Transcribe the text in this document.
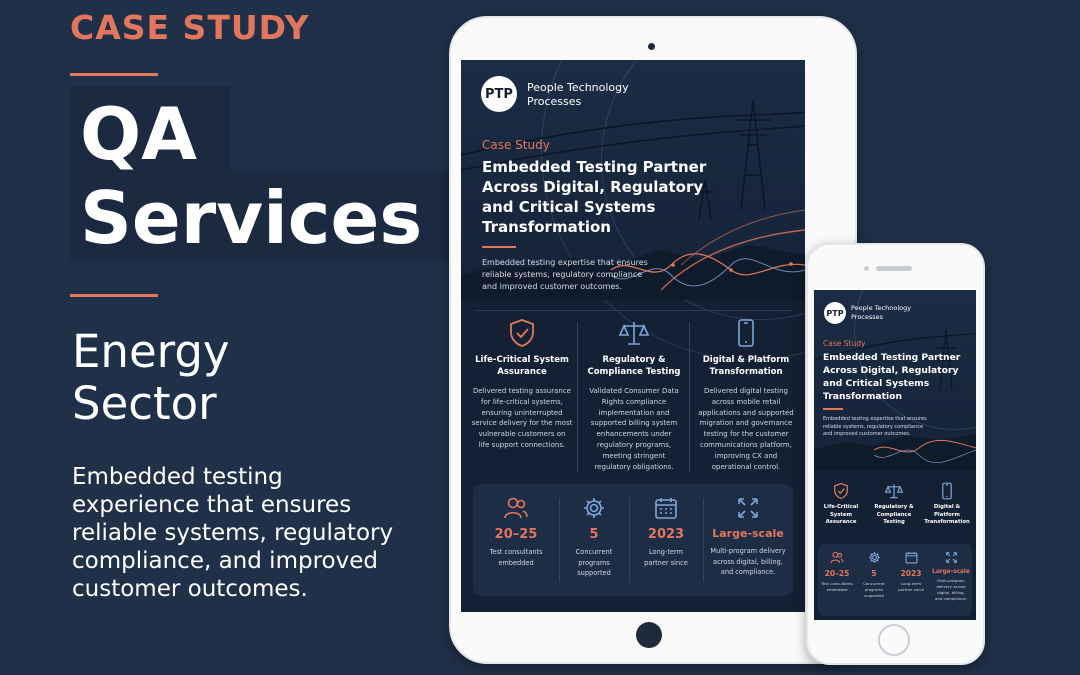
CASE STUDY
QA
Services
Energy
Sector
Embedded testing experience that ensures reliable systems, regulatory compliance, and improved customer outcomes.
PTP	People Technology
Processes
Case Study
Embedded Testing Partner
Across Digital, Regulatory
and Critical Systems
Transformation
Embedded testing expertise that ensures
reliable systems, regulatory compliance
and improved customer outcomes.
Life-Critical System
Assurance
Delivered testing assurance
for life-critical systems,
ensuring uninterrupted
service delivery for the most
vulnerable customers on
life support connections.
Regulatory &
Compliance Testing
Validated Consumer Data
Rights compliance
implementation and
supported billing system
enhancements under
regulatory programs,
meeting stringent
regulatory obligations.
Digital & Platform
Transformation
Delivered digital testing
across mobile retail
applications and supported
migration and governance
testing for the customer
communications platform,
improving CX and
operational control.
20–25
Test consultants
embedded
5
Concurrent
programs
supported
2023
Long-term
partner since
Large-scale
Multi-program delivery
across digital, billing,
and compliance.
PTP
People Technology
Processes
Case Study
Embedded Testing Partner
Across Digital, Regulatory
and Critical Systems
Transformation
Embedded testing expertise that ensures
reliable systems, regulatory compliance
and improved customer outcomes.
Life-Critical
System
Assurance
Regulatory &
Compliance
Testing
Digital &
Platform
Transformation
20–25
Test consultants
embedded
5
Concurrent
programs
supported
2023
Long-term
partner since
Large-scale
Multi-program
delivery across
digital, billing,
and compliance.
